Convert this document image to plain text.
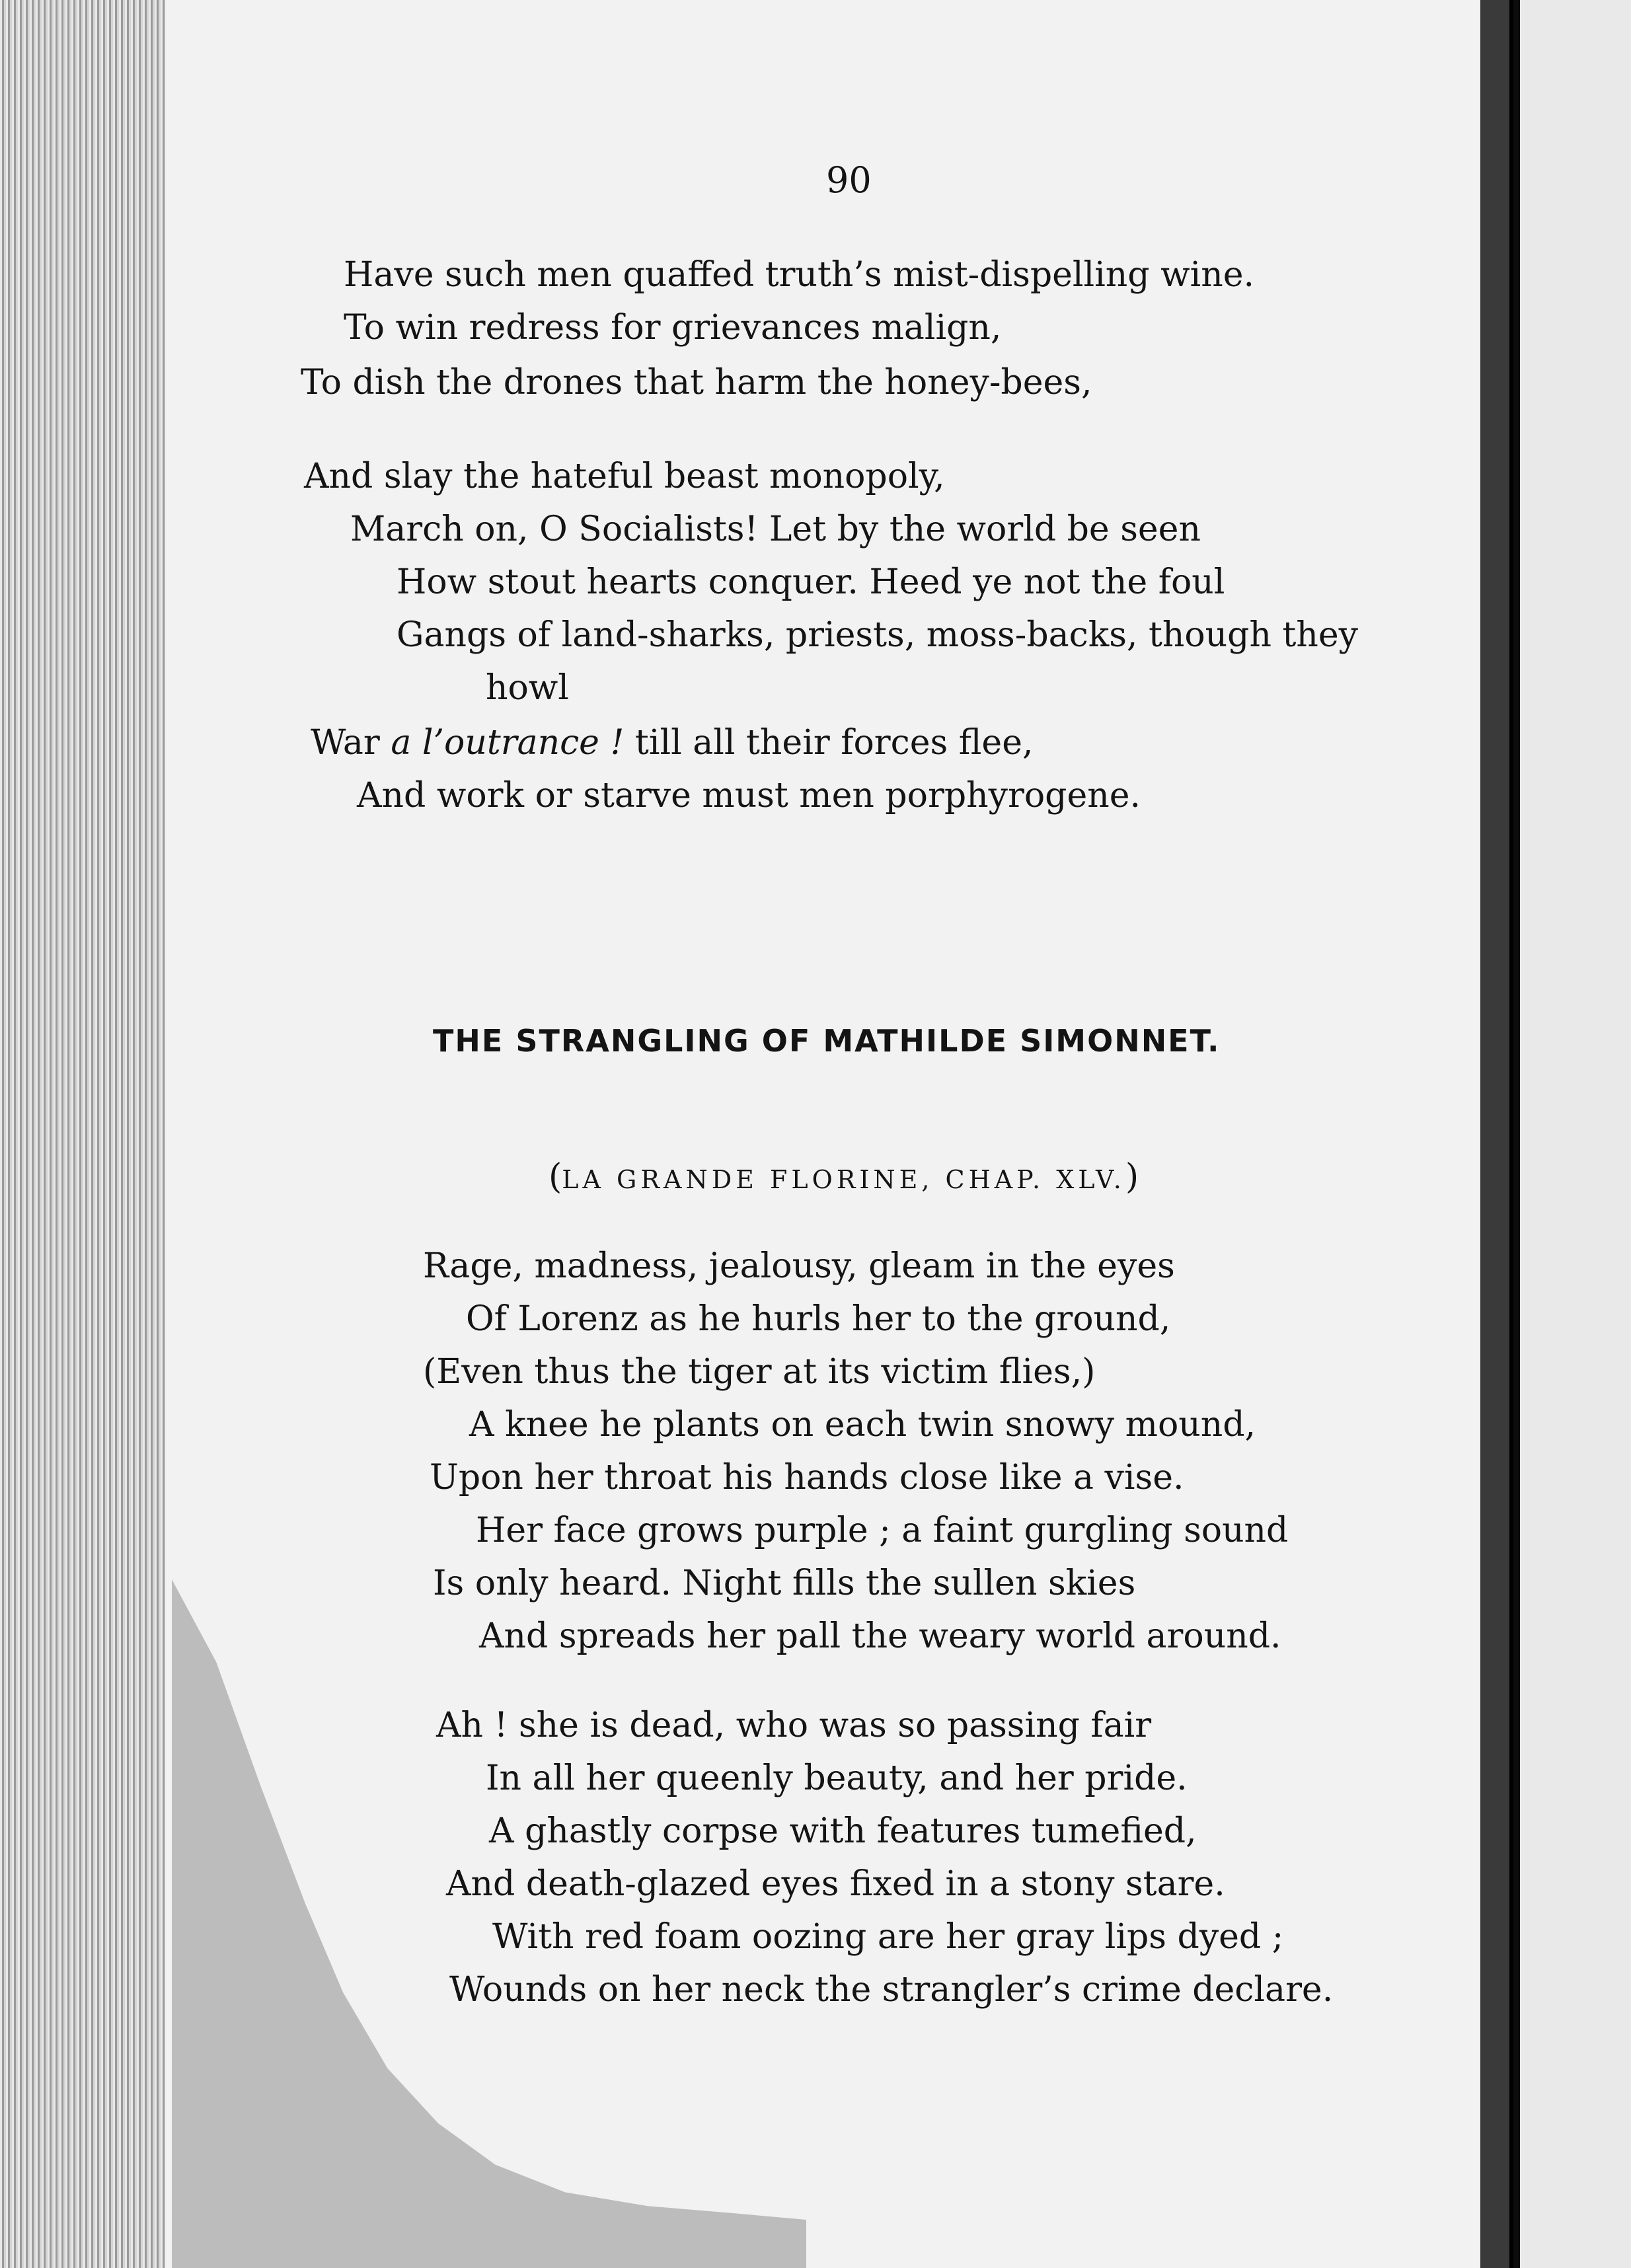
90
Have such men quaffed truth’s mist-dispelling wine.
To win redress for grievances malign,
To dish the drones that harm the honey-bees,
And slay the hateful beast monopoly,
March on, O Socialists! Let by the world be seen
How stout hearts conquer. Heed ye not the foul
Gangs of land-sharks, priests, moss-backs, though they
howl
War a l’outrance ! till all their forces flee,
And work or starve must men porphyrogene.
THE STRANGLING OF MATHILDE SIMONNET.
(LA GRANDE FLORINE, CHAP. XLV.)
Rage, madness, jealousy, gleam in the eyes
Of Lorenz as he hurls her to the ground,
(Even thus the tiger at its victim flies,)
A knee he plants on each twin snowy mound,
Upon her throat his hands close like a vise.
Her face grows purple ; a faint gurgling sound
Is only heard. Night fills the sullen skies
And spreads her pall the weary world around.
Ah ! she is dead, who was so passing fair
In all her queenly beauty, and her pride.
A ghastly corpse with features tumefied,
And death-glazed eyes fixed in a stony stare.
With red foam oozing are her gray lips dyed ;
Wounds on her neck the strangler’s crime declare.
